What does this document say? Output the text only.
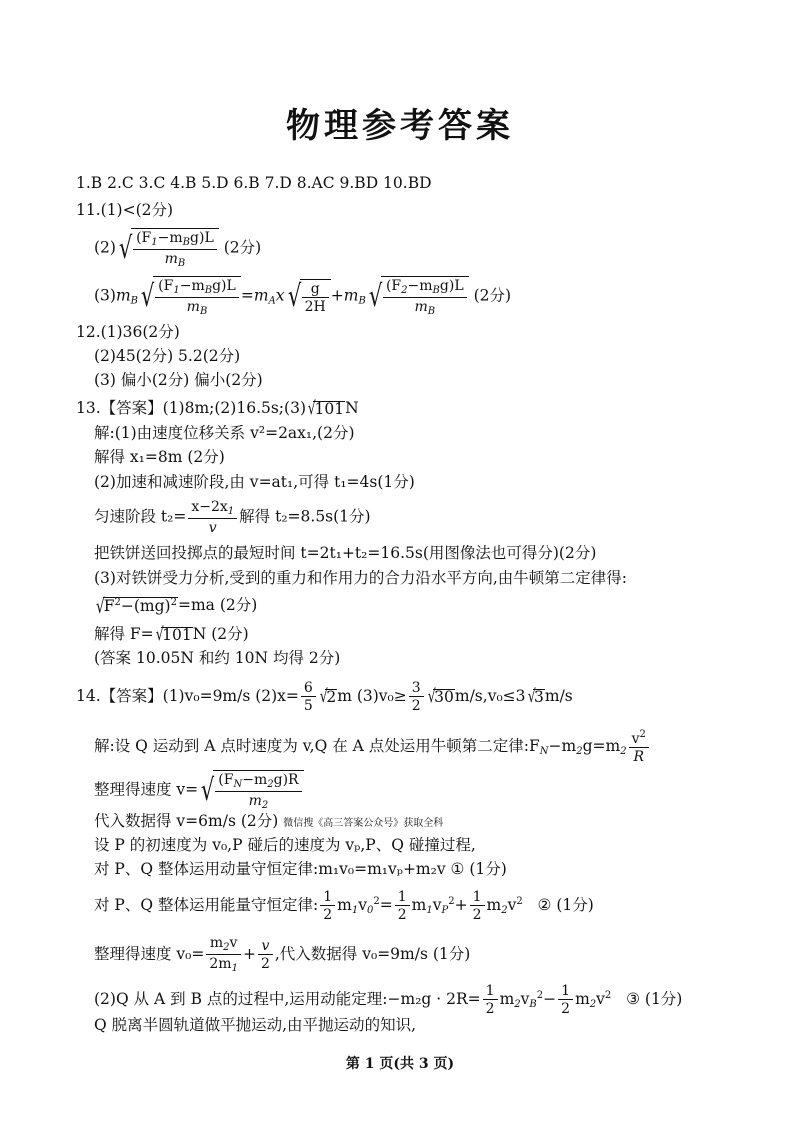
物理参考答案
1.B 2.C 3.C 4.B 5.D 6.B 7.D 8.AC 9.BD 10.BD
11.(1)<(2分)
$(2)√ \frac{(F_1-m_Bg)L}{m_B} (2$分)
$(3)m_B√ \frac{(F_1-m_Bg)L}{m_B} =m_Ax√ \frac{g}{2H} +m_B√ \frac{(F_2-m_Bg)L}{m_B} (2$分)
12.(1)36(2分)
(2)45(2分) 5.2(2分)
(3) 偏小(2分) 偏小(2分)
13.【答案】(1)8m;(2)16.5s;(3)√101N
解:(1)由速度位移关系 v²=2ax₁,(2分)
解得 x₁=8m (2分)
(2)加速和减速阶段,由 v=at₁,可得 t₁=4s(1分)
匀速阶段 $t_2= \frac{x-2x_1}{v}$ 解得 t₂=8.5s(1分)
把铁饼送回投掷点的最短时间 t=2t₁+t₂=16.5s(用图像法也可得分)(2分)
(3)对铁饼受力分析,受到的重力和作用力的合力沿水平方向,由牛顿第二定律得:
$√F^2-(mg)^2=ma$ (2分)
解得 F=√101N (2分)
(答案 10.05N 和约 10N 均得 2分)
14.【答案】(1)v₀=9m/s $(2)x= \frac{6}{5} √2m$ $(3)v_0\ge \frac{3}{2} √30m/s,v_0\le 3√3m/s$
解:设 Q 运动到 A 点时速度为 v,Q 在 A 点处运用牛顿第二定律$:F_N-m_2g=m_2 \frac{v^2}{R}$
整理得速度 $v=√ \frac{(F_N-m_2g)R}{m_2}$
代入数据得 v=6m/s (2分) 微信搜《高三答案公众号》获取全科
设 P 的初速度为 v₀,P 碰后的速度为 vₚ,P、Q 碰撞过程,
对 P、Q 整体运用动量守恒定律:m₁v₀=m₁vₚ+m₂v ① (1分)
对 P、Q 整体运用能量守恒定律: $\frac{1}{2} m_1v_0^2= \frac{1}{2} m_1v_P^2+ \frac{1}{2} m_2v^2$ ② (1分)
整理得速度 $v_0= \frac{m_2v}{2m_1} + \frac{v}{2}$ ,代入数据得 v₀=9m/s (1分)
(2)Q 从 A 到 B 点的过程中,运用动能定理:−m₂g · $2R= \frac{1}{2} m_2v_B^2- \frac{1}{2} m_2v^2$ ③ (1分)
Q 脱离半圆轨道做平抛运动,由平抛运动的知识,
第 1 页(共 3 页)
